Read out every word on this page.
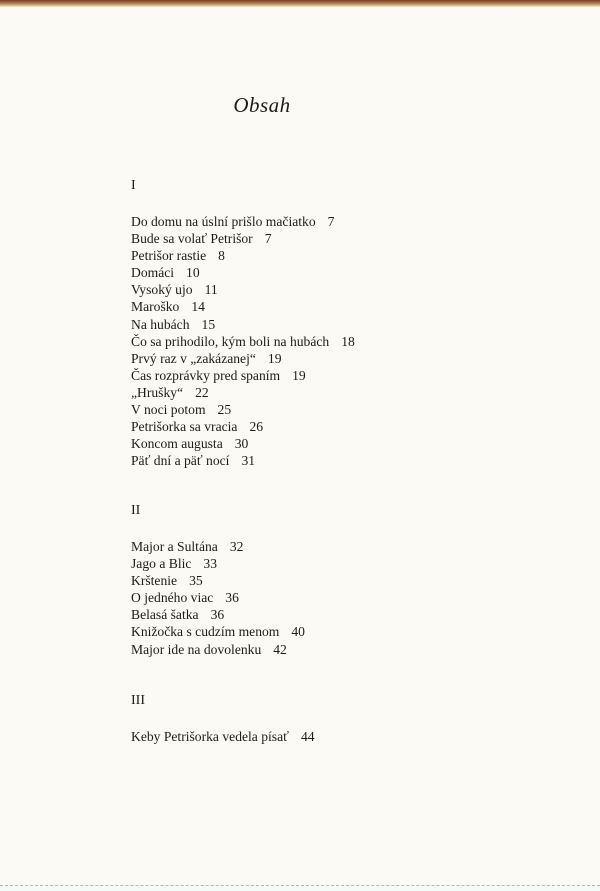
Obsah
I
Do domu na úslní prišlo mačiatko 7
Bude sa volať Petrišor 7
Petrišor rastie 8
Domáci 10
Vysoký ujo 11
Maroško 14
Na hubách 15
Čo sa prihodilo, kým boli na hubách 18
Prvý raz v „zakázanej“ 19
Čas rozprávky pred spaním 19
„Hrušky“ 22
V noci potom 25
Petrišorka sa vracia 26
Koncom augusta 30
Päť dní a päť nocí 31
II
Major a Sultána 32
Jago a Blic 33
Krštenie 35
O jedného viac 36
Belasá šatka 36
Knižočka s cudzím menom 40
Major ide na dovolenku 42
III
Keby Petrišorka vedela písať 44
